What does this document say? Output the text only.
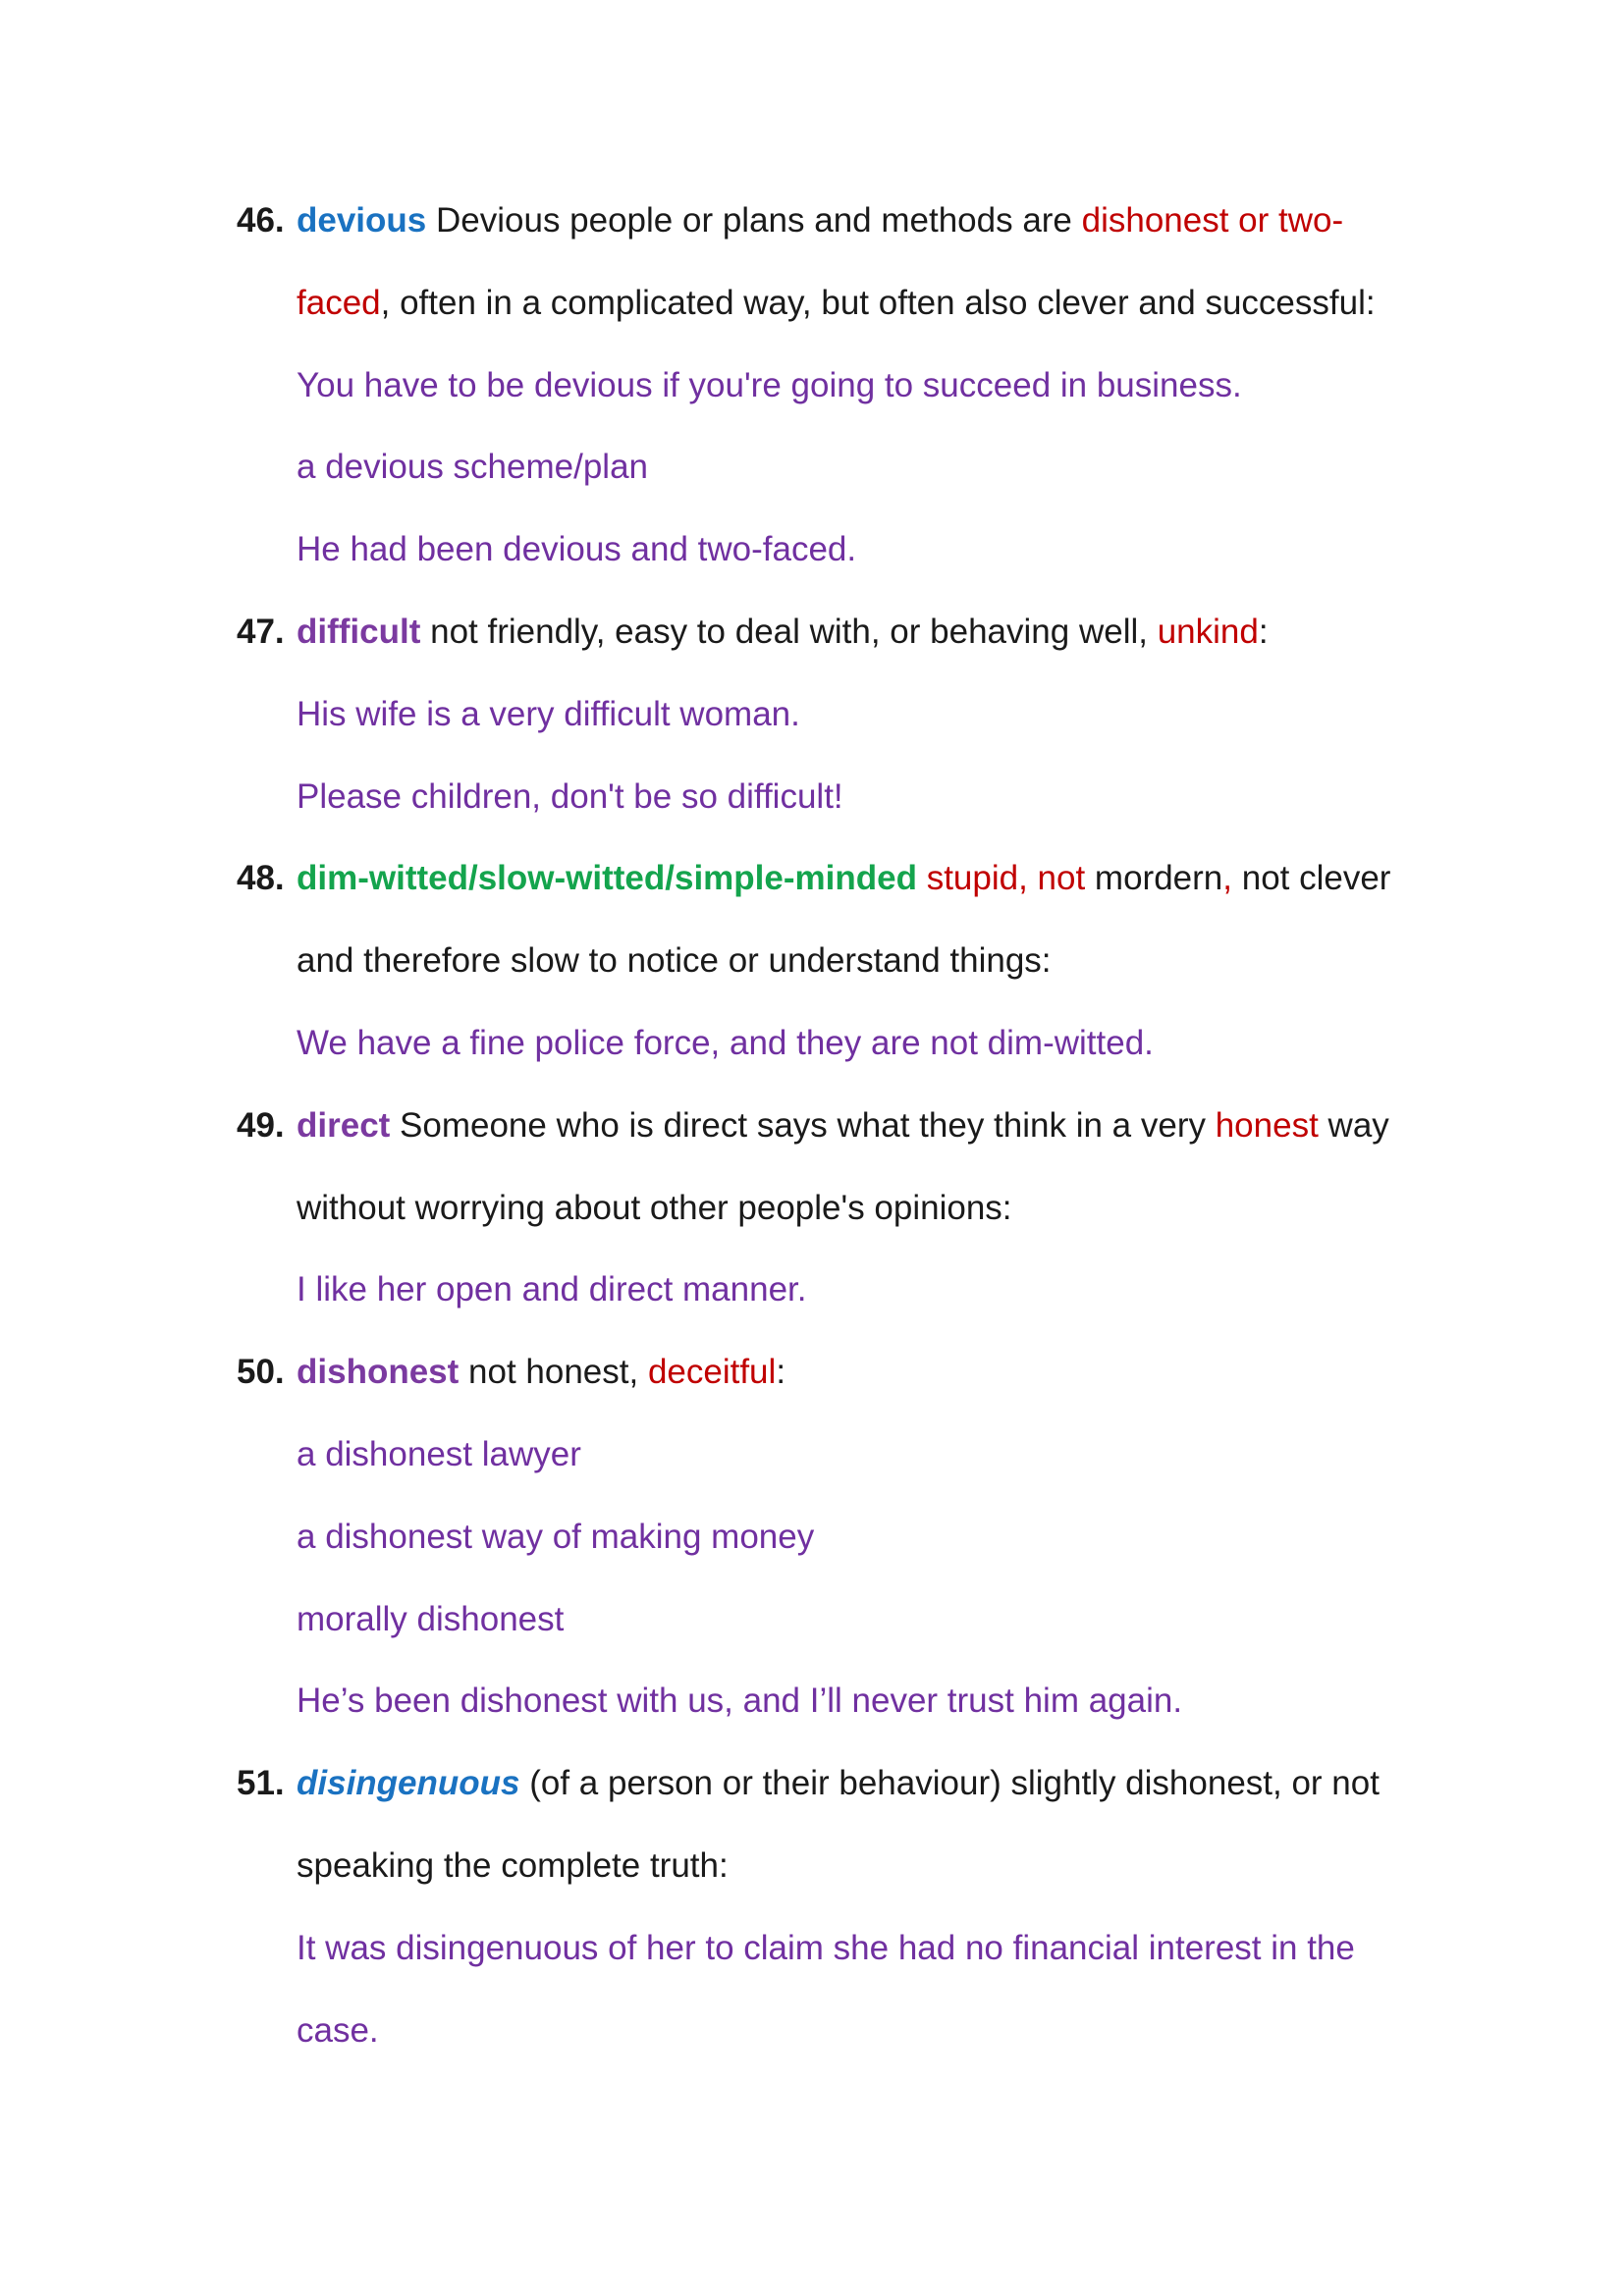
46. devious Devious people or plans and methods are dishonest or two-
faced, often in a complicated way, but often also clever and successful:
You have to be devious if you're going to succeed in business.
a devious scheme/plan
He had been devious and two-faced.
47. difficult not friendly, easy to deal with, or behaving well, unkind:
His wife is a very difficult woman.
Please children, don't be so difficult!
48. dim-witted/slow-witted/simple-minded stupid, not mordern, not clever
and therefore slow to notice or understand things:
We have a fine police force, and they are not dim-witted.
49. direct Someone who is direct says what they think in a very honest way
without worrying about other people's opinions:
I like her open and direct manner.
50. dishonest not honest, deceitful:
a dishonest lawyer
a dishonest way of making money
morally dishonest
He’s been dishonest with us, and I’ll never trust him again.
51. disingenuous (of a person or their behaviour) slightly dishonest, or not
speaking the complete truth:
It was disingenuous of her to claim she had no financial interest in the
case.
